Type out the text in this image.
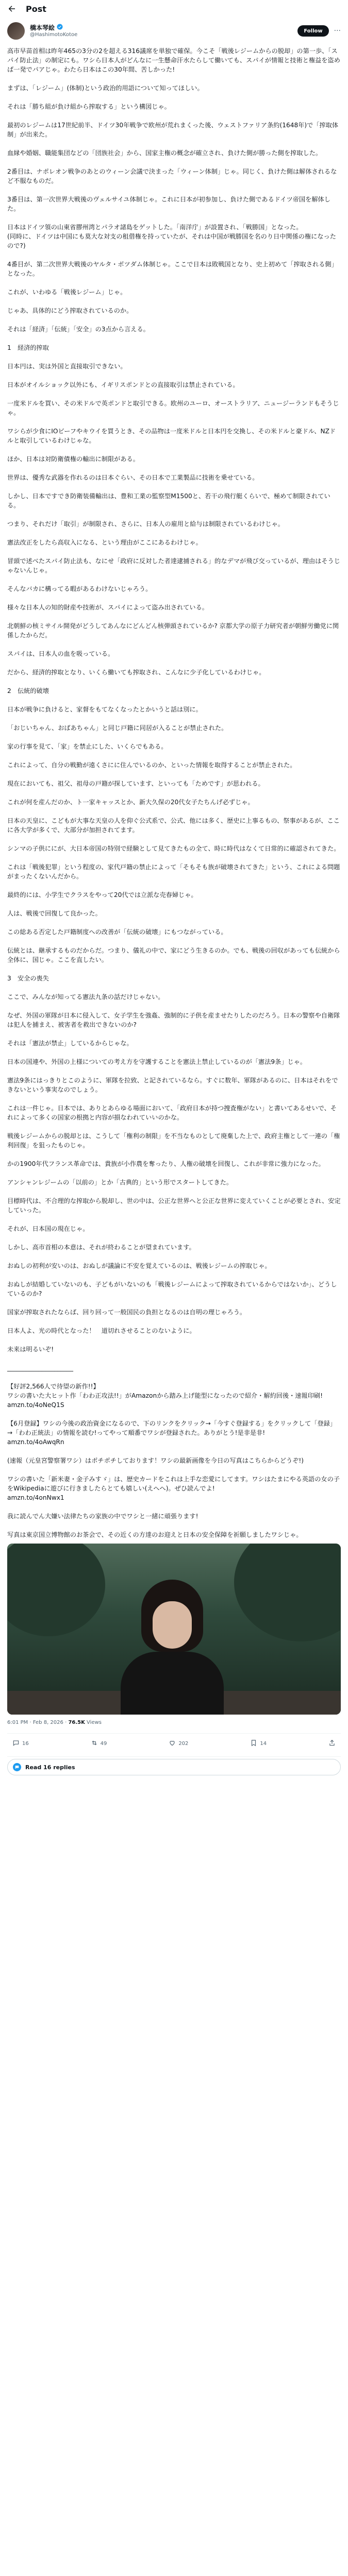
Post
橋本琴絵
@HashimotoKotoe
Follow	···
高市早苗首相は昨年465の3分の2を超える316議席を単独で確保。今こそ「戦後レジームからの脱却」の第一歩、「スパイ防止法」の制定にも。ワシら日本人がどんなに一生懸命汗水たらして働いても、スパイが情報と技術と権益を盗めば一発でパアじゃ。わたら日本はこの30年間、苦しかった!

まずは、「レジーム」(体制)という政治的用語について知ってほしい。

それは「勝ち組が負け組から搾取する」という構図じゃ。

最初のレジームは17世紀前半、ドイツ30年戦争で欧州が荒れまくった後、ウェストファリア条約(1648年)で「搾取体制」が出来た。

血縁や婚姻、職能集団などの「団族社会」から、国家主権の概念が確立され、負けた側が勝った側を搾取した。

2番目は、ナポレオン戦争のあとのウィーン会議で決まった「ウィーン体制」じゃ。同じく、負けた側は解体されるなど不服なものだ。

3番目は、第一次世界大戦後のヴェルサイユ体制じゃ。これに日本が初参加し、負けた側であるドイツ帝国を解体した。

日本はドイツ領の山東省膠州湾とパラオ諸島をゲットした。「南洋庁」が設置され、「戦勝国」となった。
(同時に、ドイツは中国にも莫大な対支の租借権を持っていたが、それは中国が戦勝国を名のり日中関係の権になったので?)

4番目が、第二次世界大戦後のヤルタ・ポツダム体制じゃ。ここで日本は敗戦国となり、史上初めて「搾取される側」となった。

これが、いわゆる「戦後レジーム」じゃ。

じゃあ、具体的にどう搾取されているのか。

それは「経済」「伝統」「安全」の3点から言える。

1　経済的搾取

日本円は、実は外国と直接取引できない。

日本がオイルショック以外にも、イギリスポンドとの直接取引は禁止されている。

一度米ドルを買い、その米ドルで英ポンドと取引できる。欧州のユーロ、オーストラリア、ニュージーランドもそうじゃ。

ワシらが少食にIOビーフやキウイを買うとき、その品物は一度米ドルと日本円を交換し、その米ドルと豪ドル、NZドルと取引しているわけじゃな。

ほか、日本は対防衛債権の輸出に制限がある。

世界は、優秀な武器を作れるのは日本ぐらい、その日本で工業製品に技術を乗せている。

しかし、日本ですでき防衛装備輸出は、豊和工業の監察型M1500と、若干の飛行艇くらいで、極めて制限されている。

つまり、それだけ「取引」が制限され、さらに、日本人の雇用と給与は制限されているわけじゃ。

憲法改正をしたら高収入になる、という理由がここにあるわけじゃ。

冒頭で述べたスパイ防止法も、なにせ「政府に反対した者達逮捕される」的なデマが飛び交っているが、理由はそうじゃないんじゃ。

そんなバカに構ってる暇があるわけないじゃろう。

様々な日本人の知的財産や技術が、スパイによって盗み出されている。

北朝鮮の核ミサイル開発がどうしてあんなにどんどん核弾頭されているか? 京都大学の原子力研究者が朝鮮労働党に関係したからだ。

スパイは、日本人の血を吸っている。

だから、経済的搾取となり、いくら働いても搾取され、こんなに少子化しているわけじゃ。

2　伝統的破壊

日本が戦争に負けると、家督をもてなくなったとかいうと話は別に。

「おじいちゃん、おばあちゃん」と同じ戸籍に同居が入ることが禁止された。

家の行事を見て、「家」を禁止にした、いくらでもある。

これによって、自分の戦勤が遠くさにに住んでいるのか、といった情報を取得することが禁止された。

現在においても、祖父、祖母の戸籍が探しています、といっても「ためです」が思われる。

これが何を産んだのか、ト一家キャッスとか、新大久保の20代女子たちんげ必ずじゃ。

日本の天皇に、こどもが大事な天皇の人を仰ぐ公式系で、公式、他には多く、歴史に上事るもの、祭事があるが、ここに各大学が多くで、大部分が加担されてます。

シンマの子供ににが、大日本帝国の特別で経験として見てきたもの全て、時に時代はなくて日常的に確認されてきた。

これは「戦後犯罪」という程度の、家代戸籍の禁止によって「そもそも族が破壊されてきた」という、これによる問題がまったくないんだから。

最終的には、小学生でクラスをやって20代では立派な売春婦じゃ。

人は、戦後で回復して良かった。

この総ある否定した戸籍制度への改善が「伝統の破壊」にもつながっている。

伝統とは、継承するものだからだ。つまり、儀礼の中で、家にどう生きるのか。でも、戦後の回収があっても伝統から全体に、国じゃ。ここを直したい。

3　安全の喪失

ここで、みんなが知ってる憲法九条の話だけじゃない。

なぜ、外国の軍隊が日本に侵入して、女子学生を強姦、強制的に子供を産ませたりしたのだろう。日本の警察や自衛隊は犯人を捕まえ、被害者を救出できないのか?

それは「憲法が禁止」しているからじゃな。

日本の国連や、外国の上様についての考え方を守護することを憲法上禁止しているのが「憲法9条」じゃ。

憲法9条にはっきりとこのように、軍隊を拉致、と記されているなら。すぐに数年、軍隊があるのに、日本はそれをできないという事実なのでしょう。

これは一件じゃ。日本では、ありとあらゆる場面において、「政府日本が持つ捜査権がない」と書いてあるせいで、それによって多くの国家の根拠と内容が損なわれていいのかな。

戦後レジームからの脱却とは、こうして「権利の制限」を不当なものとして廃棄した上で、政府主権として一連の「権利回復」を狙ったものじゃ。

かの1900年代フランス革命では、貴族が小作農を奪ったり、人権の破壊を回復し、これが非常に強力になった。

アンシャンレジームの「以前の」とか「古典的」という形でスタートしてきた。

目標時代は、不合理的な搾取から脱却し、世の中は、公正な世界へと公正な世界に変えていくことが必要とされ、安定していった。

それが、日本国の現在じゃ。

しかし、高市首相の本意は、それが終わることが望まれています。

おぬしの初利が安いのは、おぬしが議論に不安を覚えているのは、戦後レジームの搾取じゃ。

おぬしが結婚していないのも、子どもがいないのも「戦後レジームによって搾取されているからではないか」、どうしているのか?

国家が搾取されたならば、回り回って一般国民の負担となるのは自明の理じゃろう。

日本人よ、光の時代となった！　道切れさせることのないように。

未来は明るいぞ!

_____________________

【好評2,566人で待望の新作!!】
ワシの書いた大ヒット作「わわ正攻法!!」がAmazonから踏み上げ能型になったので紹介・解約回後・速報印刷!
amzn.to/4oNeQ1S

【6月登録】ワシの今後の政治資金になるので、下のリンクをクリック→「今すぐ登録する」をクリックして「登録」→「わわ正統法」の情報を読む!ってやって順番でワシが登録された。ありがとう!是非是非!
amzn.to/4oAwqRn

(速報（元皇宮警察署ワシ）はポチポチしております！ワシの最新画像を今日の写真はこちらからどうぞ!)

ワシの書いた「新米妻・金子みすゞ」は、歴史カードをこれは上手な恋愛にしてます。ワシはたまにやる英語の女の子をWikipediaに遊びに行きましたらとても嬉しい(えへへ)。ぜひ読んでよ!
amzn.to/4onNwx1

我に読んでん大嫌い法律たちの家族の中でワシと一緒に頑張ります!

写真は東京国立博物館のお茶会で、その近くの方達のお迎えと日本の安全保障を祈願しましたワシじゃ。
6:01 PM · Feb 8, 2026 · 76.5K Views
16	49	202	14
Read 16 replies
